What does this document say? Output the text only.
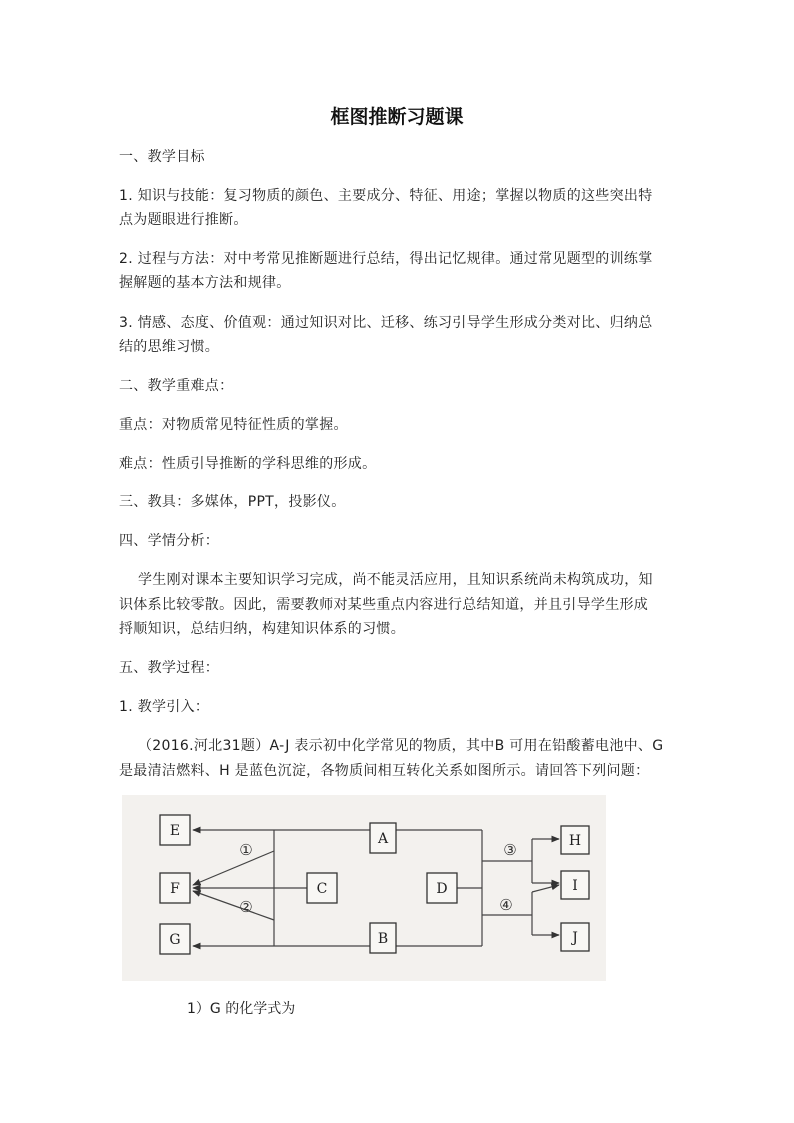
框图推断习题课
一、教学目标
1. 知识与技能：复习物质的颜色、主要成分、特征、用途；掌握以物质的这些突出特
点为题眼进行推断。
2. 过程与方法：对中考常见推断题进行总结，得出记忆规律。通过常见题型的训练掌
握解题的基本方法和规律。
3. 情感、态度、价值观：通过知识对比、迁移、练习引导学生形成分类对比、归纳总
结的思维习惯。
二、教学重难点：
重点：对物质常见特征性质的掌握。
难点：性质引导推断的学科思维的形成。
三、教具：多媒体，PPT，投影仪。
四、学情分析：
学生刚对课本主要知识学习完成，尚不能灵活应用，且知识系统尚未构筑成功，知
识体系比较零散。因此，需要教师对某些重点内容进行总结知道，并且引导学生形成
捋顺知识，总结归纳，构建知识体系的习惯。
五、教学过程：
1. 教学引入：
（2016.河北31题）A-J 表示初中化学常见的物质，其中B 可用在铅酸蓄电池中、G
是最清洁燃料、H 是蓝色沉淀，各物质间相互转化关系如图所示。请回答下列问题：
E
F
G
A
C	D
B
H
I
J
①
②
③
④
1）G 的化学式为
